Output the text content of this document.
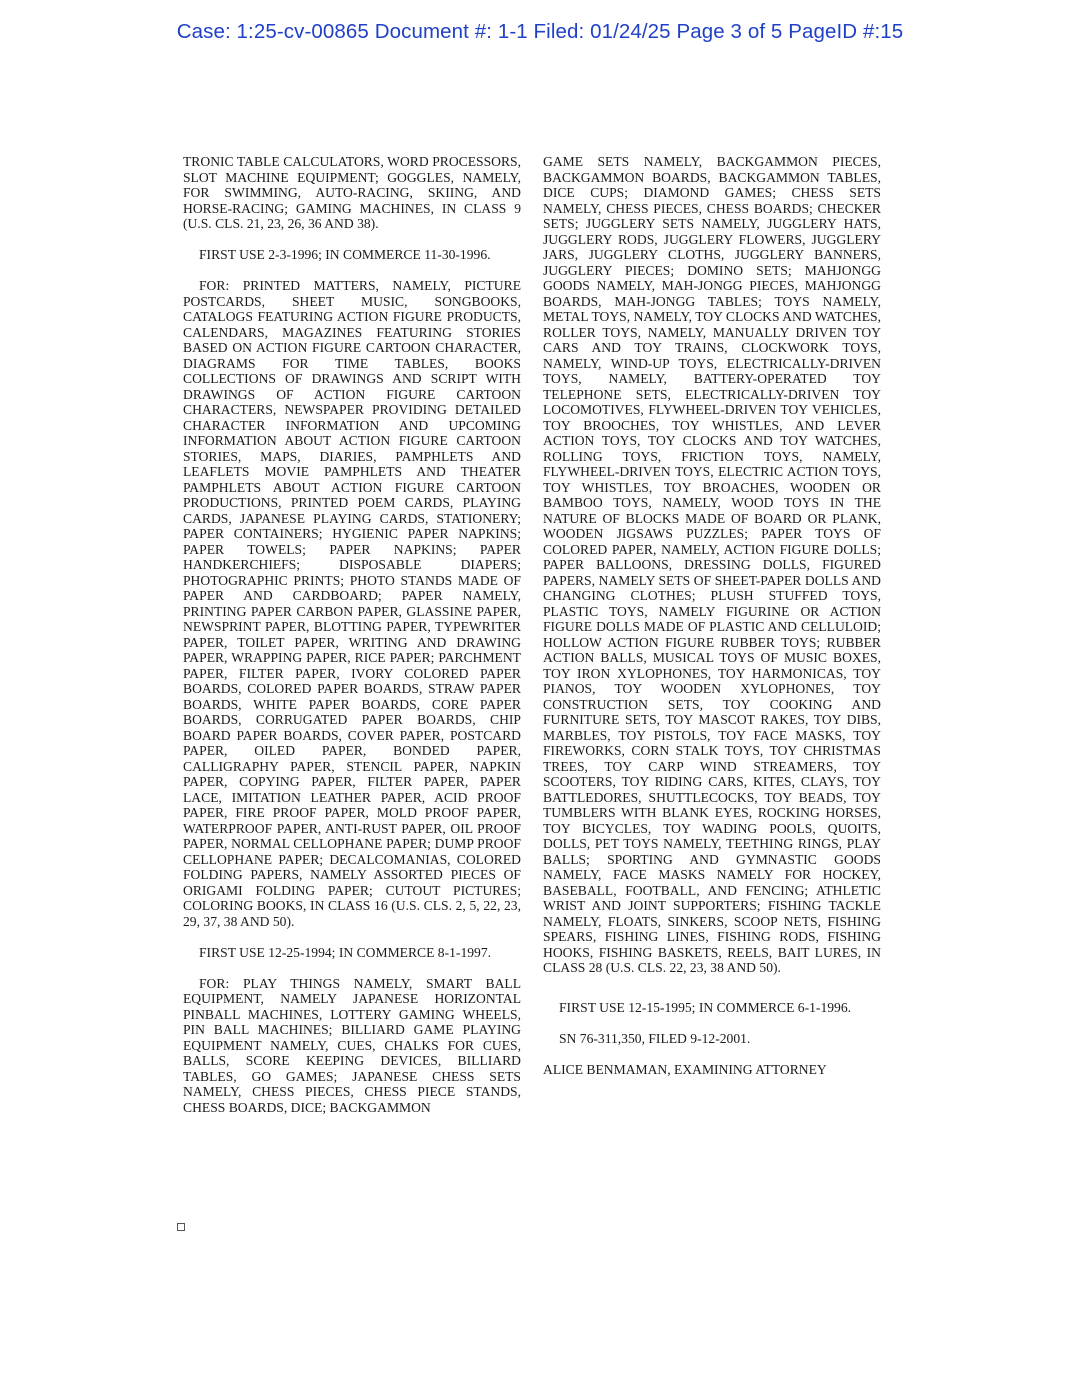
Case: 1:25-cv-00865 Document #: 1-1 Filed: 01/24/25 Page 3 of 5 PageID #:15

TRONIC TABLE CALCULATORS, WORD PROCESSORS, SLOT MACHINE EQUIPMENT; GOGGLES, NAMELY, FOR SWIMMING, AUTO-RACING, SKIING, AND HORSE-RACING; GAMING MACHINES, IN CLASS 9 (U.S. CLS. 21, 23, 26, 36 AND 38).

FIRST USE 2-3-1996; IN COMMERCE 11-30-1996.

FOR: PRINTED MATTERS, NAMELY, PICTURE POSTCARDS, SHEET MUSIC, SONGBOOKS, CATALOGS FEATURING ACTION FIGURE PRODUCTS, CALENDARS, MAGAZINES FEATURING STORIES BASED ON ACTION FIGURE CARTOON CHARACTER, DIAGRAMS FOR TIME TABLES, BOOKS COLLECTIONS OF DRAWINGS AND SCRIPT WITH DRAWINGS OF ACTION FIGURE CARTOON CHARACTERS, NEWSPAPER PROVIDING DETAILED CHARACTER INFORMATION AND UPCOMING INFORMATION ABOUT ACTION FIGURE CARTOON STORIES, MAPS, DIARIES, PAMPHLETS AND LEAFLETS MOVIE PAMPHLETS AND THEATER PAMPHLETS ABOUT ACTION FIGURE CARTOON PRODUCTIONS, PRINTED POEM CARDS, PLAYING CARDS, JAPANESE PLAYING CARDS, STATIONERY; PAPER CONTAINERS; HYGIENIC PAPER NAPKINS; PAPER TOWELS; PAPER NAPKINS; PAPER HANDKERCHIEFS; DISPOSABLE DIAPERS; PHOTOGRAPHIC PRINTS; PHOTO STANDS MADE OF PAPER AND CARDBOARD; PAPER NAMELY, PRINTING PAPER CARBON PAPER, GLASSINE PAPER, NEWSPRINT PAPER, BLOTTING PAPER, TYPEWRITER PAPER, TOILET PAPER, WRITING AND DRAWING PAPER, WRAPPING PAPER, RICE PAPER; PARCHMENT PAPER, FILTER PAPER, IVORY COLORED PAPER BOARDS, COLORED PAPER BOARDS, STRAW PAPER BOARDS, WHITE PAPER BOARDS, CORE PAPER BOARDS, CORRUGATED PAPER BOARDS, CHIP BOARD PAPER BOARDS, COVER PAPER, POSTCARD PAPER, OILED PAPER, BONDED PAPER, CALLIGRAPHY PAPER, STENCIL PAPER, NAPKIN PAPER, COPYING PAPER, FILTER PAPER, PAPER LACE, IMITATION LEATHER PAPER, ACID PROOF PAPER, FIRE PROOF PAPER, MOLD PROOF PAPER, WATERPROOF PAPER, ANTI-RUST PAPER, OIL PROOF PAPER, NORMAL CELLOPHANE PAPER; DUMP PROOF CELLOPHANE PAPER; DECALCOMANIAS, COLORED FOLDING PAPERS, NAMELY ASSORTED PIECES OF ORIGAMI FOLDING PAPER; CUTOUT PICTURES; COLORING BOOKS, IN CLASS 16 (U.S. CLS. 2, 5, 22, 23, 29, 37, 38 AND 50).

FIRST USE 12-25-1994; IN COMMERCE 8-1-1997.

FOR: PLAY THINGS NAMELY, SMART BALL EQUIPMENT, NAMELY JAPANESE HORIZONTAL PINBALL MACHINES, LOTTERY GAMING WHEELS, PIN BALL MACHINES; BILLIARD GAME PLAYING EQUIPMENT NAMELY, CUES, CHALKS FOR CUES, BALLS, SCORE KEEPING DEVICES, BILLIARD TABLES, GO GAMES; JAPANESE CHESS SETS NAMELY, CHESS PIECES, CHESS PIECE STANDS, CHESS BOARDS, DICE; BACKGAMMON

GAME SETS NAMELY, BACKGAMMON PIECES, BACKGAMMON BOARDS, BACKGAMMON TABLES, DICE CUPS; DIAMOND GAMES; CHESS SETS NAMELY, CHESS PIECES, CHESS BOARDS; CHECKER SETS; JUGGLERY SETS NAMELY, JUGGLERY HATS, JUGGLERY RODS, JUGGLERY FLOWERS, JUGGLERY JARS, JUGGLERY CLOTHS, JUGGLERY BANNERS, JUGGLERY PIECES; DOMINO SETS; MAHJONGG GOODS NAMELY, MAH-JONGG PIECES, MAHJONGG BOARDS, MAH-JONGG TABLES; TOYS NAMELY, METAL TOYS, NAMELY, TOY CLOCKS AND WATCHES, ROLLER TOYS, NAMELY, MANUALLY DRIVEN TOY CARS AND TOY TRAINS, CLOCKWORK TOYS, NAMELY, WIND-UP TOYS, ELECTRICALLY-DRIVEN TOYS, NAMELY, BATTERY-OPERATED TOY TELEPHONE SETS, ELECTRICALLY-DRIVEN TOY LOCOMOTIVES, FLYWHEEL-DRIVEN TOY VEHICLES, TOY BROOCHES, TOY WHISTLES, AND LEVER ACTION TOYS, TOY CLOCKS AND TOY WATCHES, ROLLING TOYS, FRICTION TOYS, NAMELY, FLYWHEEL-DRIVEN TOYS, ELECTRIC ACTION TOYS, TOY WHISTLES, TOY BROACHES, WOODEN OR BAMBOO TOYS, NAMELY, WOOD TOYS IN THE NATURE OF BLOCKS MADE OF BOARD OR PLANK, WOODEN JIGSAWS PUZZLES; PAPER TOYS OF COLORED PAPER, NAMELY, ACTION FIGURE DOLLS; PAPER BALLOONS, DRESSING DOLLS, FIGURED PAPERS, NAMELY SETS OF SHEET-PAPER DOLLS AND CHANGING CLOTHES; PLUSH STUFFED TOYS, PLASTIC TOYS, NAMELY FIGURINE OR ACTION FIGURE DOLLS MADE OF PLASTIC AND CELLULOID; HOLLOW ACTION FIGURE RUBBER TOYS; RUBBER ACTION BALLS, MUSICAL TOYS OF MUSIC BOXES, TOY IRON XYLOPHONES, TOY HARMONICAS, TOY PIANOS, TOY WOODEN XYLOPHONES, TOY CONSTRUCTION SETS, TOY COOKING AND FURNITURE SETS, TOY MASCOT RAKES, TOY DIBS, MARBLES, TOY PISTOLS, TOY FACE MASKS, TOY FIREWORKS, CORN STALK TOYS, TOY CHRISTMAS TREES, TOY CARP WIND STREAMERS, TOY SCOOTERS, TOY RIDING CARS, KITES, CLAYS, TOY BATTLEDORES, SHUTTLECOCKS, TOY BEADS, TOY TUMBLERS WITH BLANK EYES, ROCKING HORSES, TOY BICYCLES, TOY WADING POOLS, QUOITS, DOLLS, PET TOYS NAMELY, TEETHING RINGS, PLAY BALLS; SPORTING AND GYMNASTIC GOODS NAMELY, FACE MASKS NAMELY FOR HOCKEY, BASEBALL, FOOTBALL, AND FENCING; ATHLETIC WRIST AND JOINT SUPPORTERS; FISHING TACKLE NAMELY, FLOATS, SINKERS, SCOOP NETS, FISHING SPEARS, FISHING LINES, FISHING RODS, FISHING HOOKS, FISHING BASKETS, REELS, BAIT LURES, IN CLASS 28 (U.S. CLS. 22, 23, 38 AND 50).

FIRST USE 12-15-1995; IN COMMERCE 6-1-1996.

SN 76-311,350, FILED 9-12-2001.

ALICE BENMAMAN, EXAMINING ATTORNEY
